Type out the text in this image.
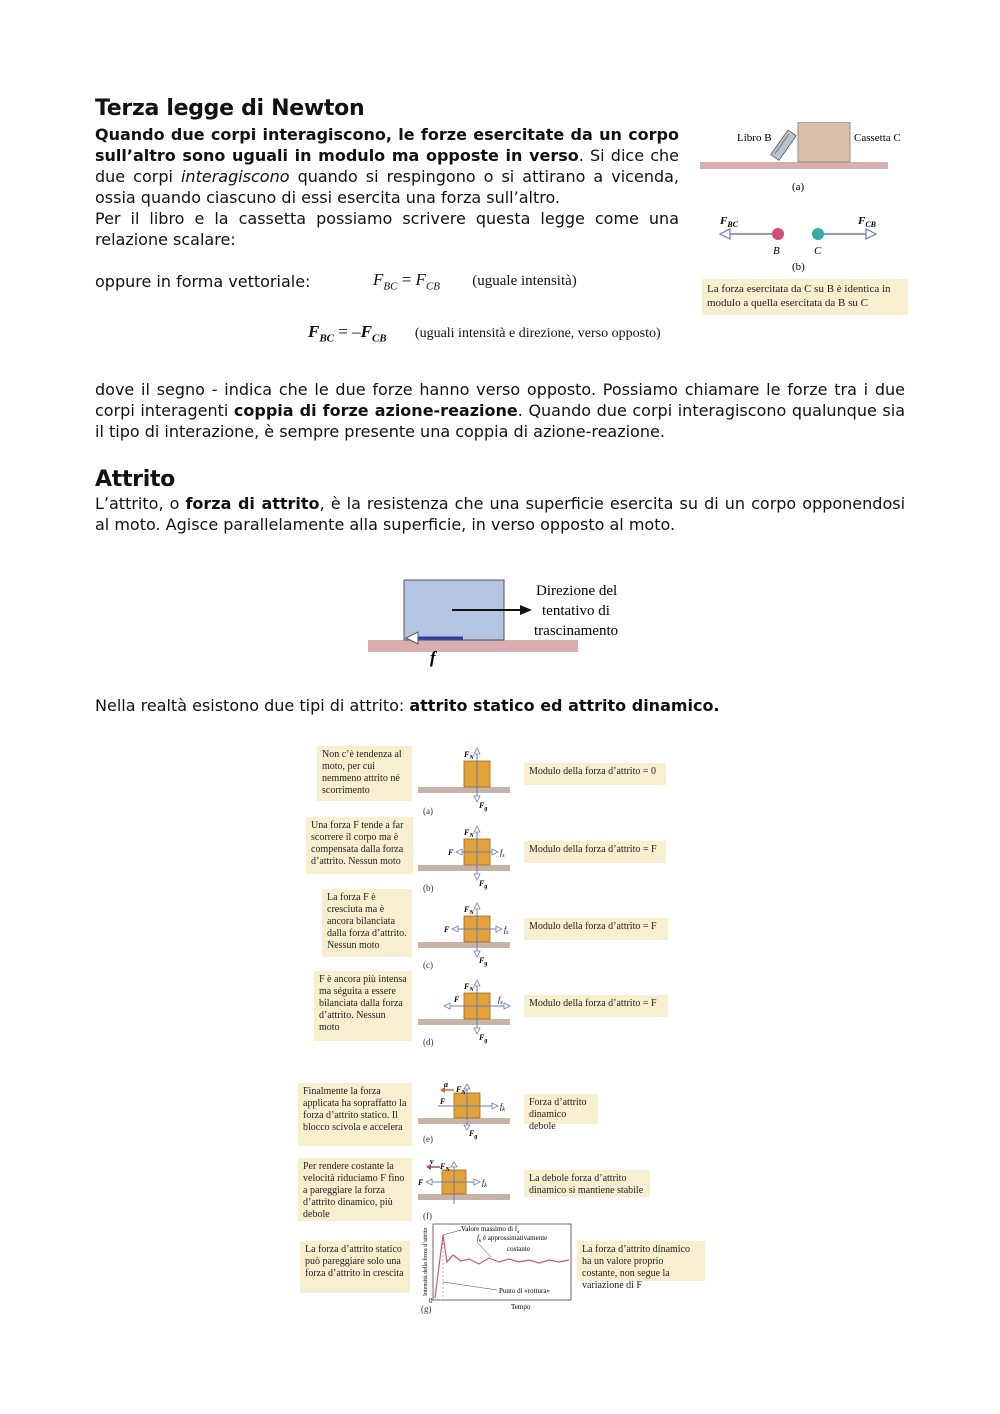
Terza legge di Newton
Quando due corpi interagiscono, le forze esercitate da un corpo sull’altro sono uguali in modulo ma opposte in verso. Si dice che due corpi interagiscono quando si respingono o si attirano a vicenda, ossia quando ciascuno di essi esercita una forza sull’altro.
Per il libro e la cassetta possiamo scrivere questa legge come una relazione scalare:
oppure in forma vettoriale:	$F_{BC} = F_{CB}$ (uguale intensità)
$F_{BC} = -F_{CB}$ (uguali intensità e direzione, verso opposto)
Libro B	Cassetta C
(a)
$F_{BC}$	$F_{CB}$
B	C
(b)
La forza esercitata da C su B è identica in modulo a quella esercitata da B su C
dove il segno - indica che le due forze hanno verso opposto. Possiamo chiamare le forze tra i due corpi interagenti coppia di forze azione-reazione. Quando due corpi interagiscono qualunque sia il tipo di interazione, è sempre presente una coppia di azione-reazione.
Attrito
L’attrito, o forza di attrito, è la resistenza che una superficie esercita su di un corpo opponendosi al moto. Agisce parallelamente alla superficie, in verso opposto al moto.
f
Direzione del
tentativo di
trascinamento
Nella realtà esistono due tipi di attrito: attrito statico ed attrito dinamico.
Non c’è tendenza al moto, per cui nemmeno attrito né scorrimento
$F_N$
$F_g$
(a)
Modulo della forza d’attrito = 0
Una forza F tende a far scorrere il corpo ma è compensata dalla forza d’attrito. Nessun moto
$F_N$
$F_g$
F	$f_s$
(b)
Modulo della forza d’attrito = F
La forza F è cresciuta ma è ancora bilanciata dalla forza d’attrito. Nessun moto
$F_N$
$F_g$
F	$f_s$
(c)
Modulo della forza d’attrito = F
F è ancora più intensa ma séguita a essere bilanciata dalla forza d’attrito. Nessun moto
$F_N$
$F_g$
F	$f_s$
(d)
Modulo della forza d’attrito = F
Finalmente la forza applicata ha sopraffatto la forza d’attrito statico. Il blocco scivola e accelera
a
$F_N$
F
$f_k$
$F_g$
(e)
Forza d’attrito dinamico debole
Per rendere costante la velocità riduciamo F fino a pareggiare la forza d’attrito dinamico, più debole
v
$F_N$
F	$f_k$
(f)
La debole forza d’attrito dinamico si mantiene stabile
La forza d’attrito statico può pareggiare solo una forza d’attrito in crescita
Valore massimo di $f_s$
$f_k$ è approssimativamente
costante
Punto di «rottura»
0
Tempo
Intensità della forza d’attrito
(g)
La forza d’attrito dinamico ha un valore proprio costante, non segue la variazione di F
